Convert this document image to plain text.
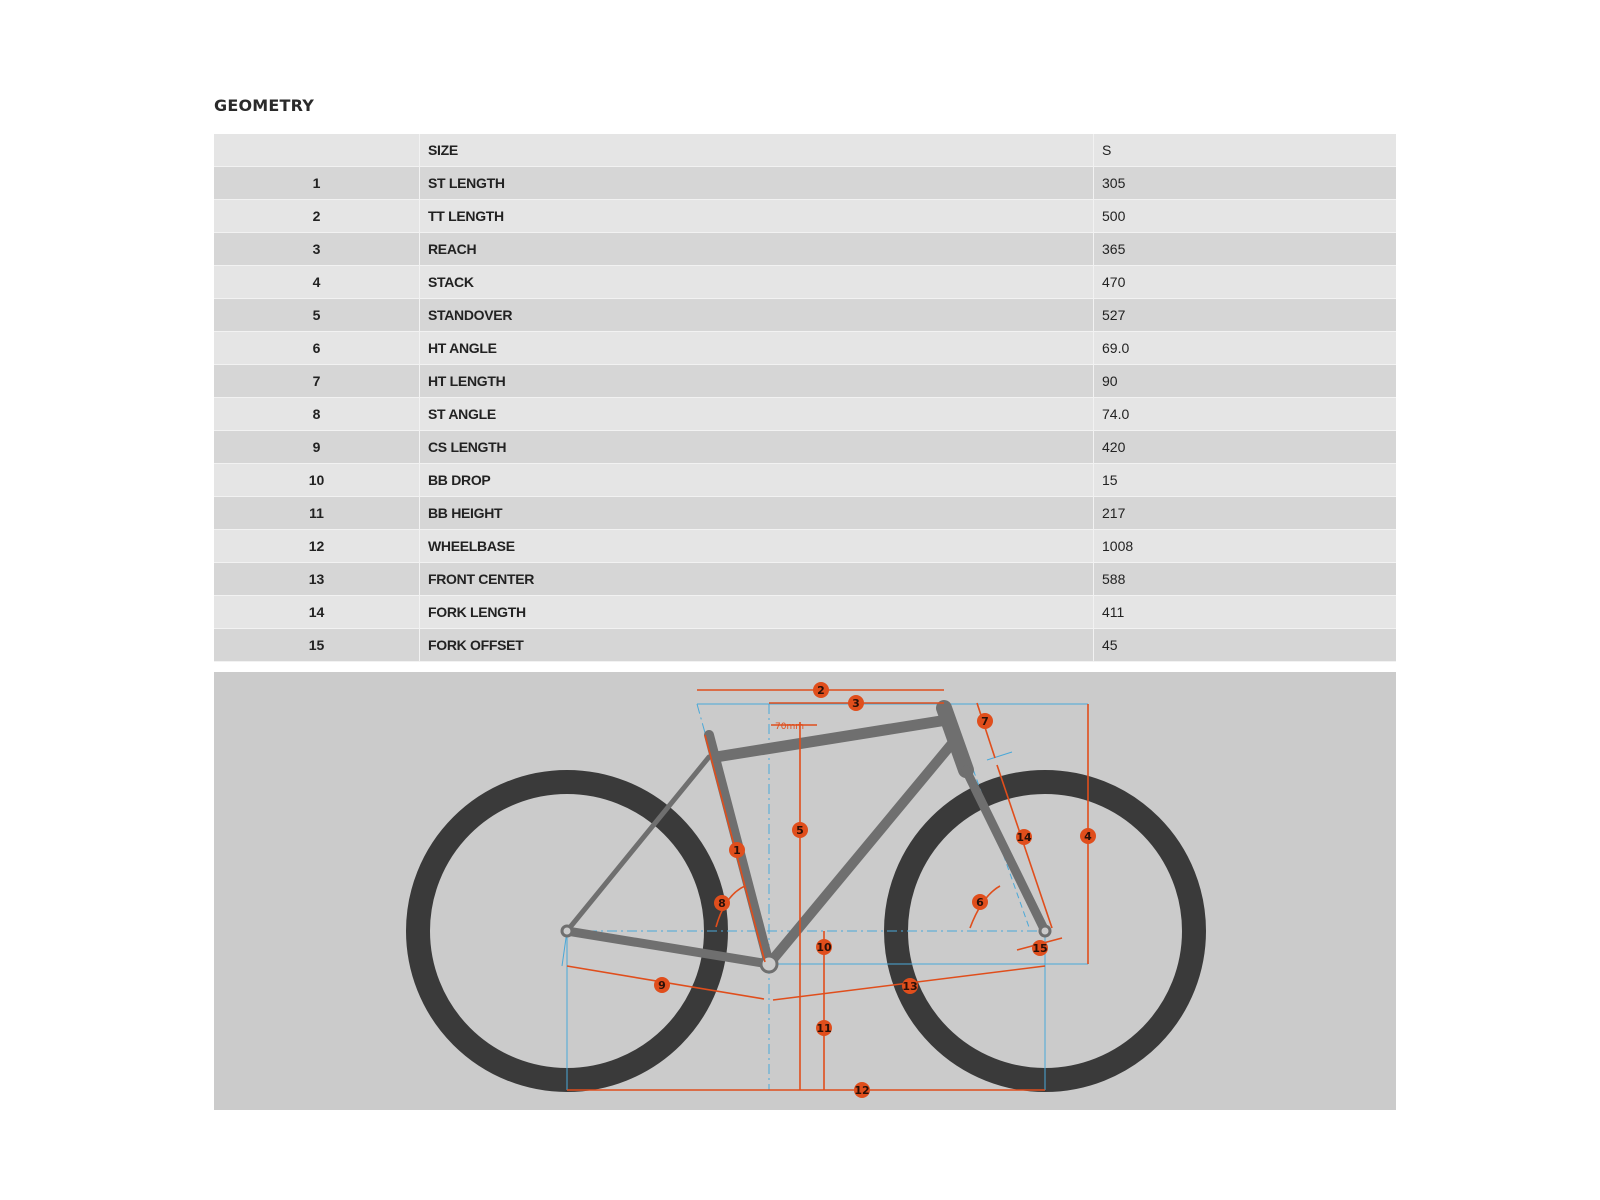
GEOMETRY
	SIZE	S
1	ST LENGTH	305
2	TT LENGTH	500
3	REACH	365
4	STACK	470
5	STANDOVER	527
6	HT ANGLE	69.0
7	HT LENGTH	90
8	ST ANGLE	74.0
9	CS LENGTH	420
10	BB DROP	15
11	BB HEIGHT	217
12	WHEELBASE	1008
13	FRONT CENTER	588
14	FORK LENGTH	411
15	FORK OFFSET	45
70mm
1
2
3
4
5
6
7
8
9
10
11
12
13
14
15
